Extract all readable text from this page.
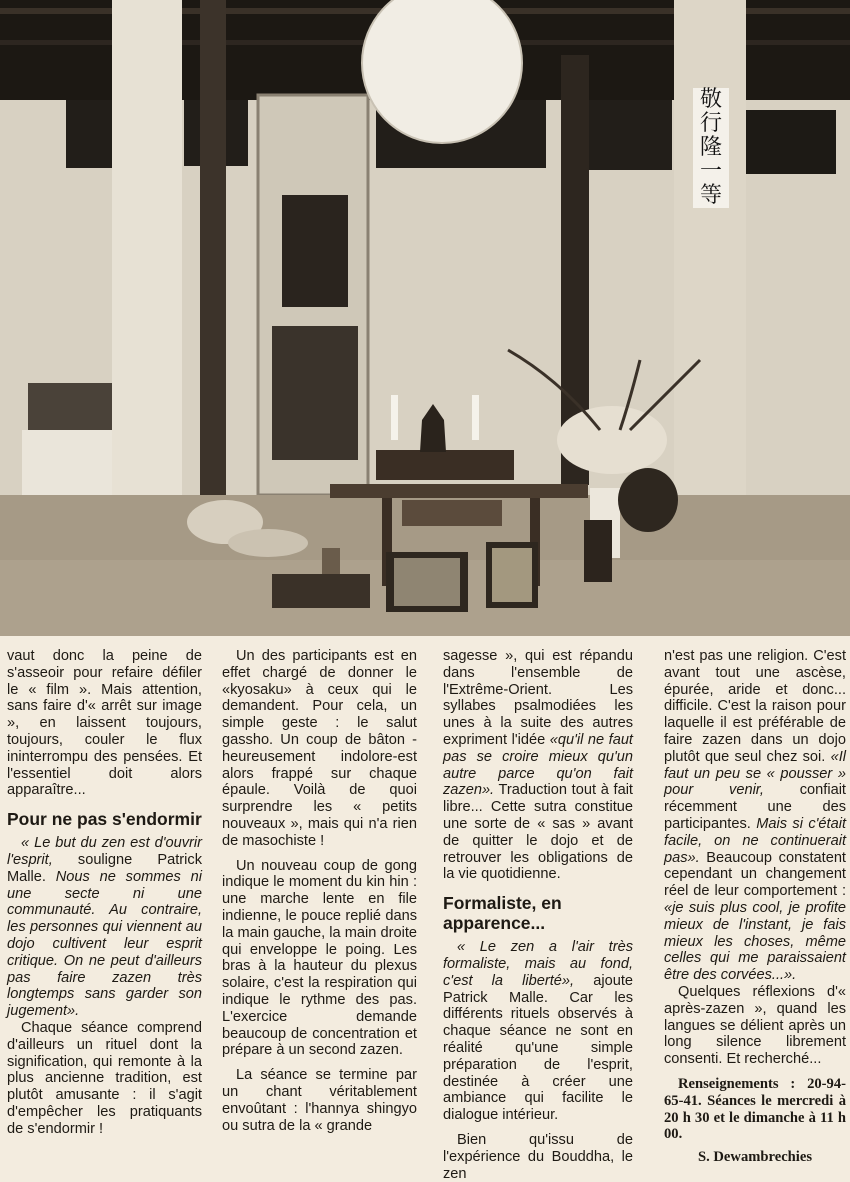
敬
行
隆
一
等

vaut donc la peine de s'asseoir pour refaire défiler le « film ». Mais attention, sans faire d'« arrêt sur image », en laissent toujours, toujours, couler le flux ininterrompu des pensées. Et l'essentiel doit alors apparaître...

Pour ne pas s'endormir

« Le but du zen est d'ouvrir l'esprit, souligne Patrick Malle. Nous ne sommes ni une secte ni une communauté. Au contraire, les personnes qui viennent au dojo cultivent leur esprit critique. On ne peut d'ailleurs pas faire zazen très longtemps sans garder son jugement».

Chaque séance comprend d'ailleurs un rituel dont la signification, qui remonte à la plus ancienne tradition, est plutôt amusante : il s'agit d'empêcher les pratiquants de s'endormir !

Un des participants est en effet chargé de donner le «kyosaku» à ceux qui le demandent. Pour cela, un simple geste : le salut gassho. Un coup de bâton - heureusement indolore-est alors frappé sur chaque épaule. Voilà de quoi surprendre les « petits nouveaux », mais qui n'a rien de masochiste !

Un nouveau coup de gong indique le moment du kin hin : une marche lente en file indienne, le pouce replié dans la main gauche, la main droite qui enveloppe le poing. Les bras à la hauteur du plexus solaire, c'est la respiration qui indique le rythme des pas. L'exercice demande beaucoup de concentration et prépare à un second zazen.

La séance se termine par un chant véritablement envoûtant : l'hannya shingyo ou sutra de la « grande

sagesse », qui est répandu dans l'ensemble de l'Extrême-Orient. Les syllabes psalmodiées les unes à la suite des autres expriment l'idée «qu'il ne faut pas se croire mieux qu'un autre parce qu'on fait zazen». Traduction tout à fait libre... Cette sutra constitue une sorte de « sas » avant de quitter le dojo et de retrouver les obligations de la vie quotidienne.

Formaliste, en apparence...

« Le zen a l'air très formaliste, mais au fond, c'est la liberté», ajoute Patrick Malle. Car les différents rituels observés à chaque séance ne sont en réalité qu'une simple préparation de l'esprit, destinée à créer une ambiance qui facilite le dialogue intérieur.

Bien qu'issu de l'expérience du Bouddha, le zen

n'est pas une religion. C'est avant tout une ascèse, épurée, aride et donc... difficile. C'est la raison pour laquelle il est préférable de faire zazen dans un dojo plutôt que seul chez soi. «Il faut un peu se « pousser » pour venir, confiait récemment une des participantes. Mais si c'était facile, on ne continuerait pas». Beaucoup constatent cependant un changement réel de leur comportement : «je suis plus cool, je profite mieux de l'instant, je fais mieux les choses, même celles qui me paraissaient être des corvées...».

Quelques réflexions d'« après-zazen », quand les langues se délient après un long silence librement consenti. Et recherché...

Renseignements : 20-94-65-41. Séances le mercredi à 20 h 30 et le dimanche à 11 h 00.

S. Dewambrechies
